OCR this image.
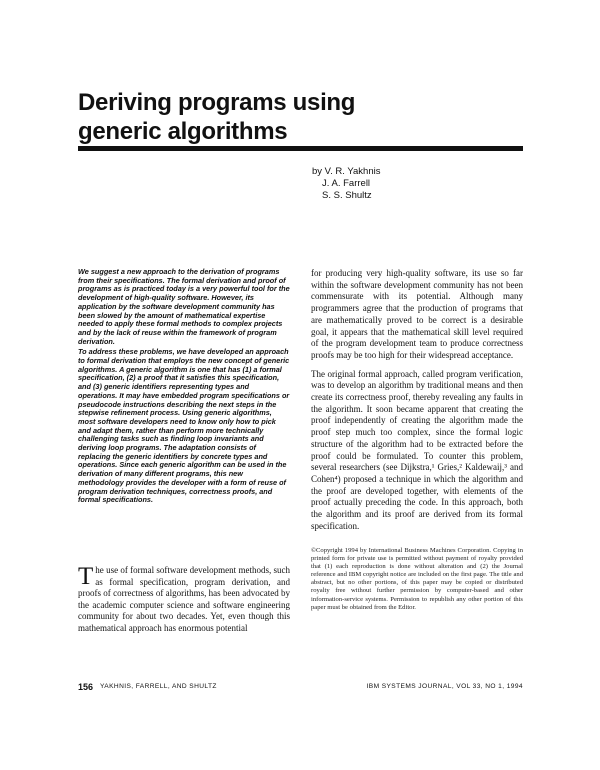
Deriving programs using
generic algorithms
by V. R. Yakhnis
J. A. Farrell
S. S. Shultz

We suggest a new approach to the derivation of programs from their specifications. The formal derivation and proof of programs as is practiced today is a very powerful tool for the development of high-quality software. However, its application by the software development community has been slowed by the amount of mathematical expertise needed to apply these formal methods to complex projects and by the lack of reuse within the framework of program derivation.

To address these problems, we have developed an approach to formal derivation that employs the new concept of generic algorithms. A generic algorithm is one that has (1) a formal specification, (2) a proof that it satisfies this specification, and (3) generic identifiers representing types and operations. It may have embedded program specifications or pseudocode instructions describing the next steps in the stepwise refinement process. Using generic algorithms, most software developers need to know only how to pick and adapt them, rather than perform more technically challenging tasks such as finding loop invariants and deriving loop programs. The adaptation consists of replacing the generic identifiers by concrete types and operations. Since each generic algorithm can be used in the derivation of many different programs, this new methodology provides the developer with a form of reuse of program derivation techniques, correctness proofs, and formal specifications.

The use of formal software development methods, such as formal specification, program derivation, and proofs of correctness of algorithms, has been advocated by the academic computer science and software engineering community for about two decades. Yet, even though this mathematical approach has enormous potential

for producing very high-quality software, its use so far within the software development community has not been commensurate with its potential. Although many programmers agree that the production of programs that are mathematically proved to be correct is a desirable goal, it appears that the mathematical skill level required of the program development team to produce correctness proofs may be too high for their widespread acceptance.

The original formal approach, called program verification, was to develop an algorithm by traditional means and then create its correctness proof, thereby revealing any faults in the algorithm. It soon became apparent that creating the proof independently of creating the algorithm made the proof step much too complex, since the formal logic structure of the algorithm had to be extracted before the proof could be formulated. To counter this problem, several researchers (see Dijkstra,¹ Gries,² Kaldewaij,³ and Cohen⁴) proposed a technique in which the algorithm and the proof are developed together, with elements of the proof actually preceding the code. In this approach, both the algorithm and its proof are derived from its formal specification.

©Copyright 1994 by International Business Machines Corporation. Copying in printed form for private use is permitted without payment of royalty provided that (1) each reproduction is done without alteration and (2) the Journal reference and IBM copyright notice are included on the first page. The title and abstract, but no other portions, of this paper may be copied or distributed royalty free without further permission by computer-based and other information-service systems. Permission to republish any other portion of this paper must be obtained from the Editor.
156 YAKHNIS, FARRELL, AND SHULTZ	IBM SYSTEMS JOURNAL, VOL 33, NO 1, 1994
